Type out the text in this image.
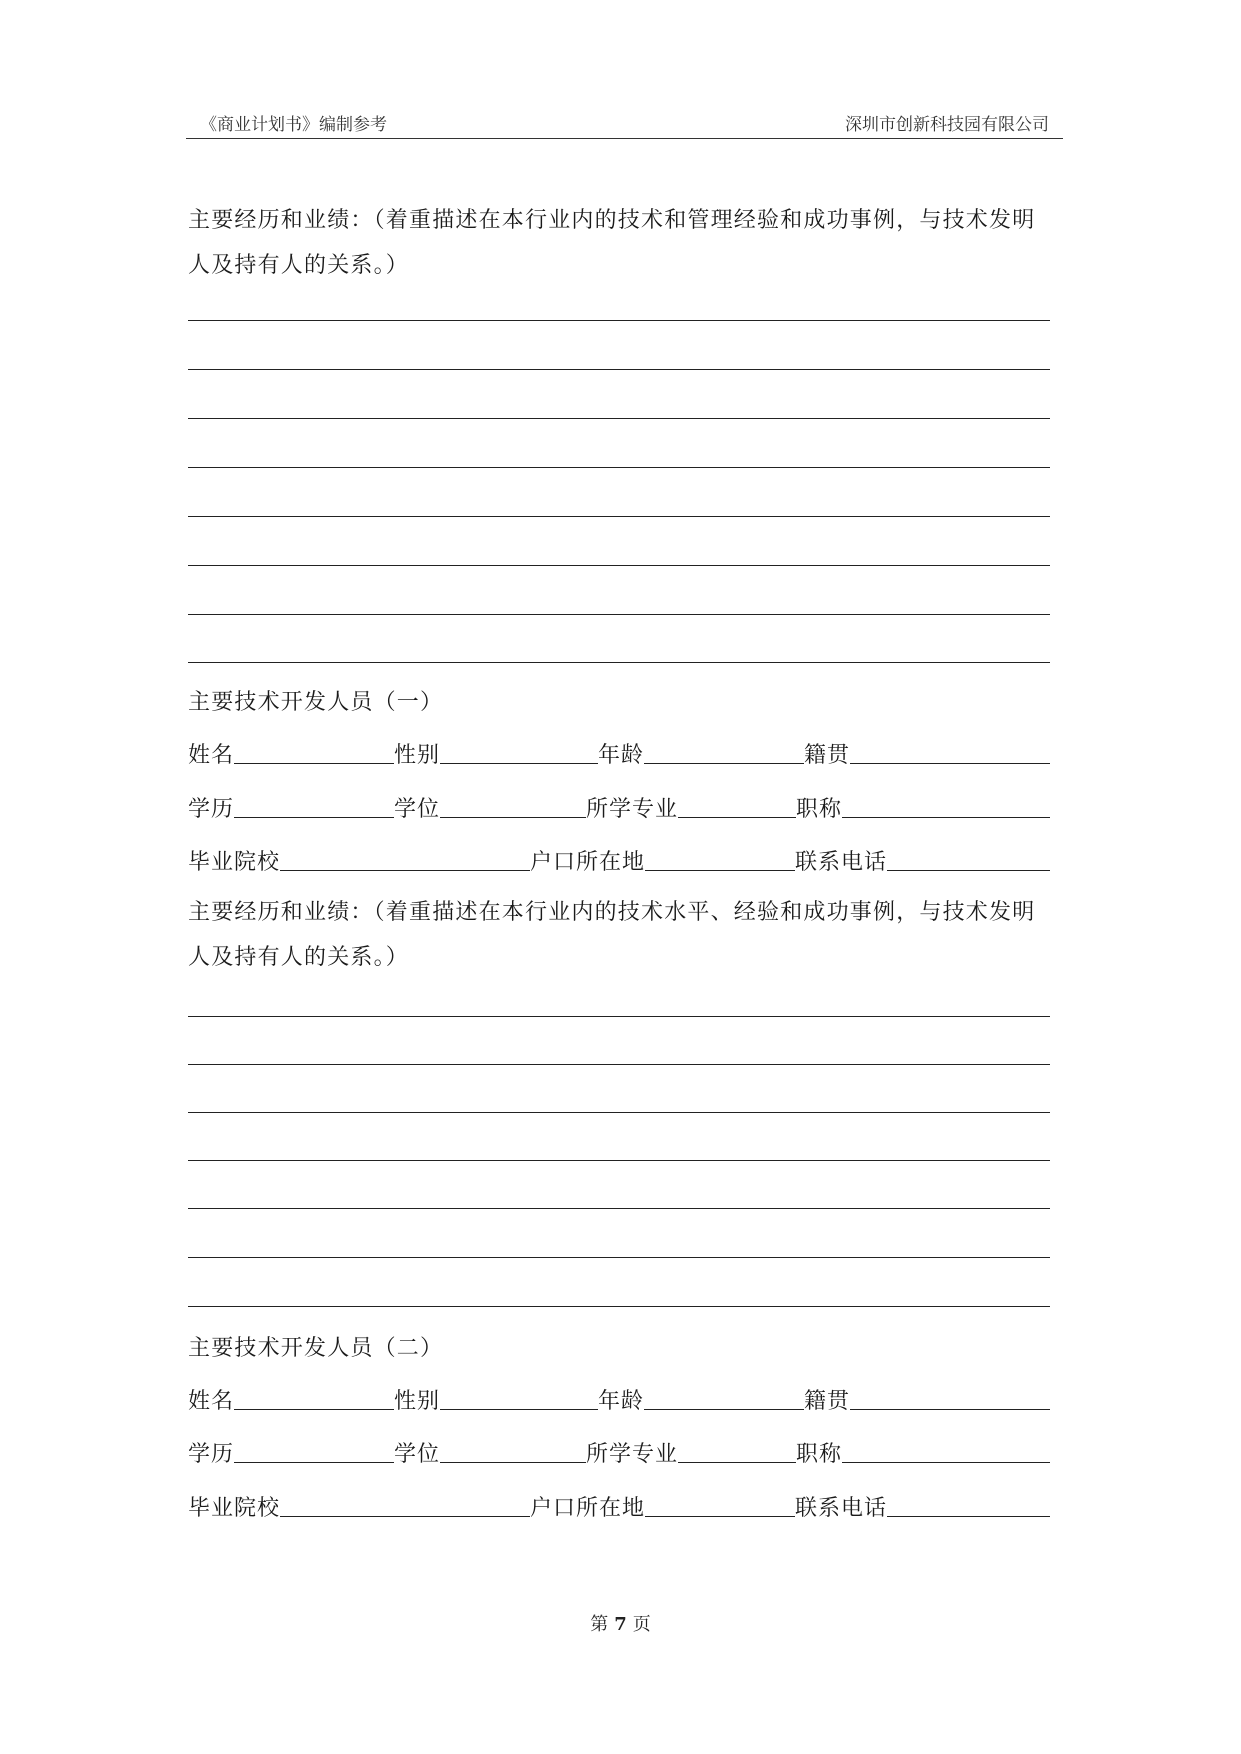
《商业计划书》编制参考	深圳市创新科技园有限公司
主要经历和业绩：（着重描述在本行业内的技术和管理经验和成功事例，与技术发明人及持有人的关系。）
主要技术开发人员（一）
姓名	性别	年龄	籍贯
学历	学位	所学专业	职称
毕业院校	户口所在地	联系电话
主要经历和业绩：（着重描述在本行业内的技术水平、经验和成功事例，与技术发明人及持有人的关系。）
主要技术开发人员（二）
姓名	性别	年龄	籍贯
学历	学位	所学专业	职称
毕业院校	户口所在地	联系电话
第 7 页
